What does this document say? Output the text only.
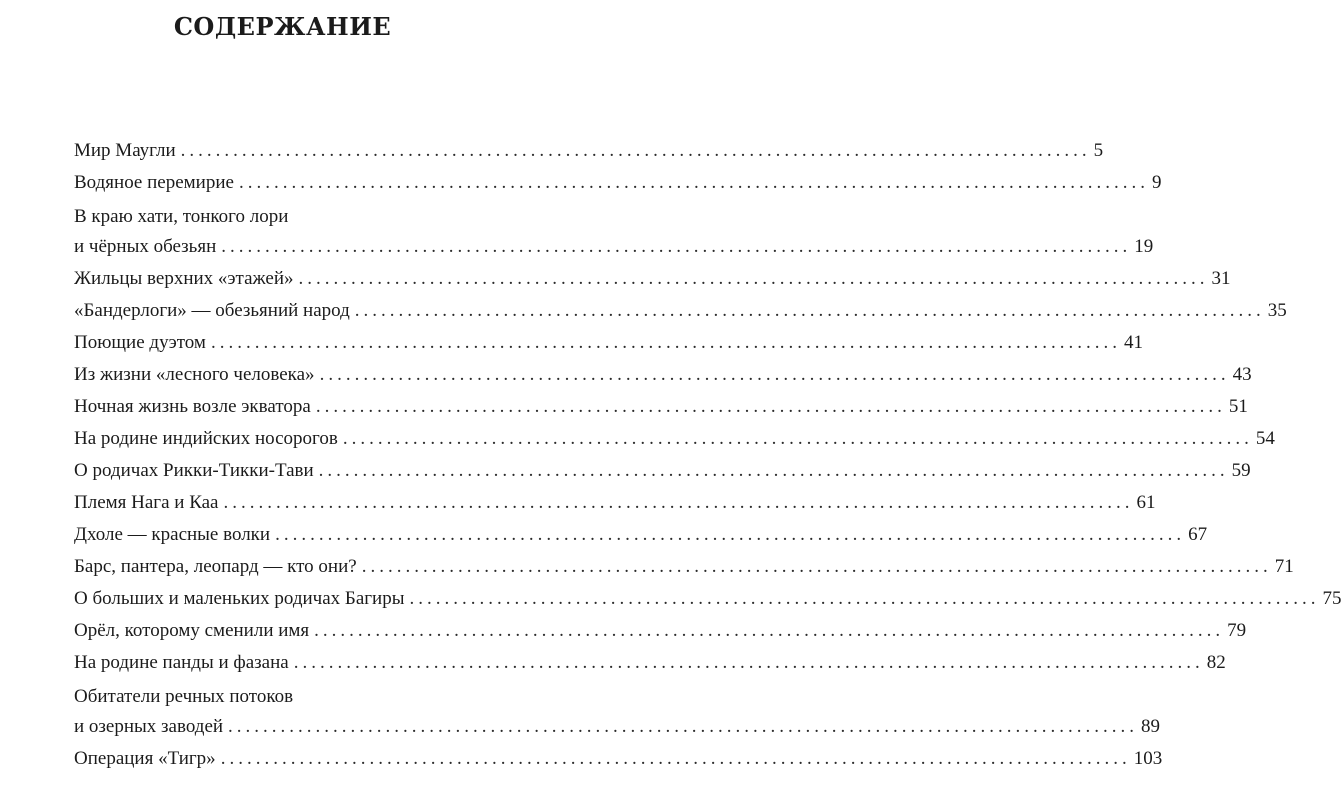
СОДЕРЖАНИЕ
Мир Маугли ........................................................................................................ 5
Водяное перемирие ........................................................................................................ 9
В краю хати, тонкого лори
и чёрных обезьян ........................................................................................................ 19
Жильцы верхних «этажей» ........................................................................................................ 31
«Бандерлоги» — обезьяний народ ........................................................................................................ 35
Поющие дуэтом ........................................................................................................ 41
Из жизни «лесного человека» ........................................................................................................ 43
Ночная жизнь возле экватора ........................................................................................................ 51
На родине индийских носорогов ........................................................................................................ 54
О родичах Рикки-Тикки-Тави ........................................................................................................ 59
Племя Нага и Каа ........................................................................................................ 61
Дхоле — красные волки ........................................................................................................ 67
Барс, пантера, леопард — кто они? ........................................................................................................ 71
О больших и маленьких родичах Багиры ........................................................................................................ 75
Орёл, которому сменили имя ........................................................................................................ 79
На родине панды и фазана ........................................................................................................ 82
Обитатели речных потоков
и озерных заводей ........................................................................................................ 89
Операция «Тигр» ........................................................................................................ 103
